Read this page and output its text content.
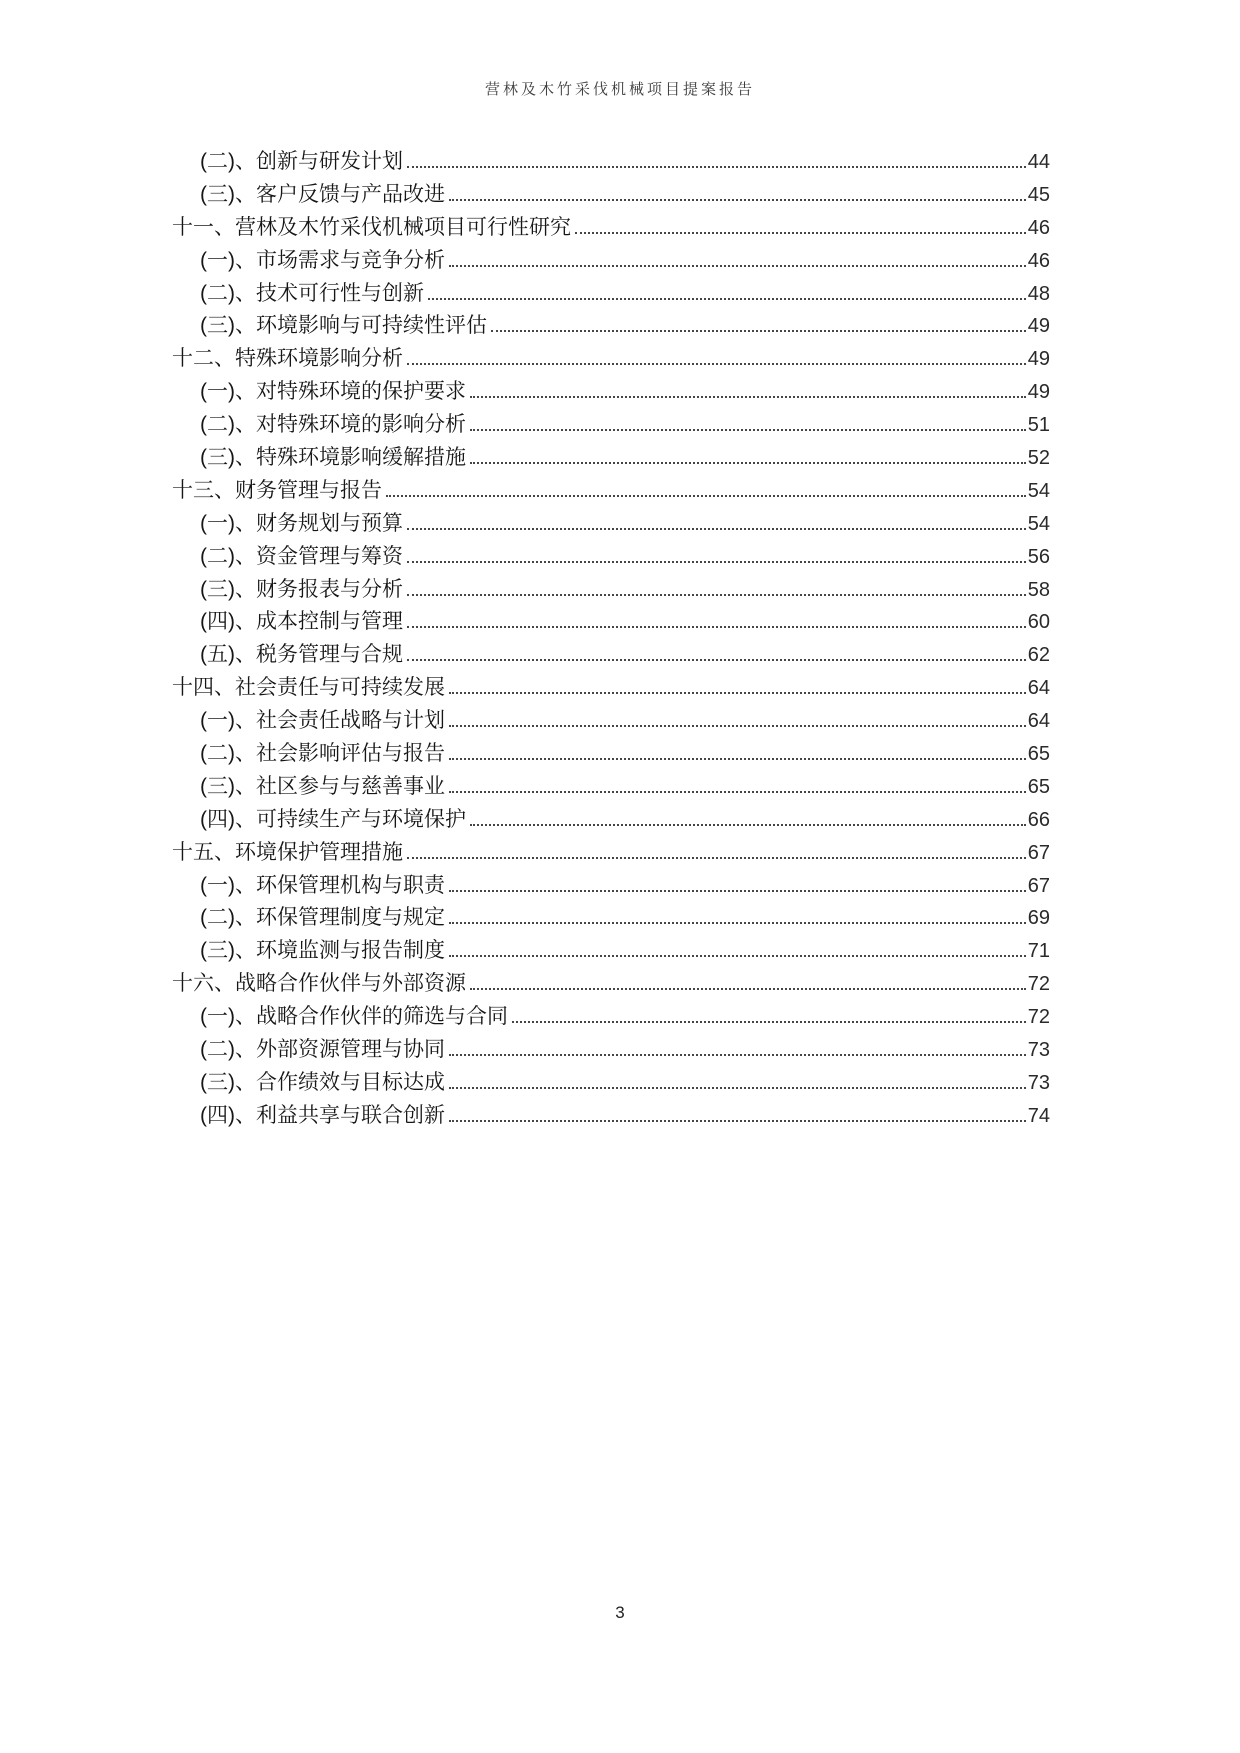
营林及木竹采伐机械项目提案报告
(二)、创新与研发计划	44
(三)、客户反馈与产品改进	45
十一、营林及木竹采伐机械项目可行性研究	46
(一)、市场需求与竞争分析	46
(二)、技术可行性与创新	48
(三)、环境影响与可持续性评估	49
十二、特殊环境影响分析	49
(一)、对特殊环境的保护要求	49
(二)、对特殊环境的影响分析	51
(三)、特殊环境影响缓解措施	52
十三、财务管理与报告	54
(一)、财务规划与预算	54
(二)、资金管理与筹资	56
(三)、财务报表与分析	58
(四)、成本控制与管理	60
(五)、税务管理与合规	62
十四、社会责任与可持续发展	64
(一)、社会责任战略与计划	64
(二)、社会影响评估与报告	65
(三)、社区参与与慈善事业	65
(四)、可持续生产与环境保护	66
十五、环境保护管理措施	67
(一)、环保管理机构与职责	67
(二)、环保管理制度与规定	69
(三)、环境监测与报告制度	71
十六、战略合作伙伴与外部资源	72
(一)、战略合作伙伴的筛选与合同	72
(二)、外部资源管理与协同	73
(三)、合作绩效与目标达成	73
(四)、利益共享与联合创新	74
3
